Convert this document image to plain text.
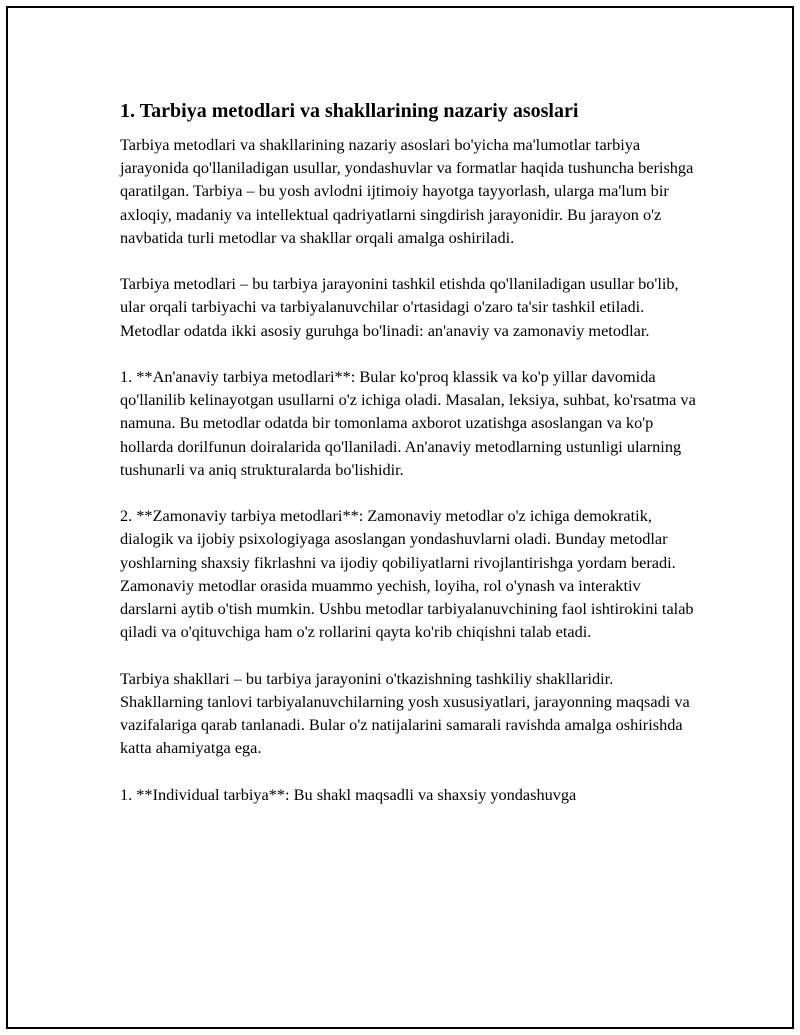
1. Tarbiya metodlari va shakllarining nazariy asoslari

Tarbiya metodlari va shakllarining nazariy asoslari bo'yicha ma'lumotlar tarbiya jarayonida qo'llaniladigan usullar, yondashuvlar va formatlar haqida tushuncha berishga qaratilgan. Tarbiya – bu yosh avlodni ijtimoiy hayotga tayyorlash, ularga ma'lum bir axloqiy, madaniy va intellektual qadriyatlarni singdirish jarayonidir. Bu jarayon o'z navbatida turli metodlar va shakllar orqali amalga oshiriladi.

Tarbiya metodlari – bu tarbiya jarayonini tashkil etishda qo'llaniladigan usullar bo'lib, ular orqali tarbiyachi va tarbiyalanuvchilar o'rtasidagi o'zaro ta'sir tashkil etiladi. Metodlar odatda ikki asosiy guruhga bo'linadi: an'anaviy va zamonaviy metodlar.

1. **An'anaviy tarbiya metodlari**: Bular ko'proq klassik va ko'p yillar davomida qo'llanilib kelinayotgan usullarni o'z ichiga oladi. Masalan, leksiya, suhbat, ko'rsatma va namuna. Bu metodlar odatda bir tomonlama axborot uzatishga asoslangan va ko'p hollarda dorilfunun doiralarida qo'llaniladi. An'anaviy metodlarning ustunligi ularning tushunarli va aniq strukturalarda bo'lishidir.

2. **Zamonaviy tarbiya metodlari**: Zamonaviy metodlar o'z ichiga demokratik, dialogik va ijobiy psixologiyaga asoslangan yondashuvlarni oladi. Bunday metodlar yoshlarning shaxsiy fikrlashni va ijodiy qobiliyatlarni rivojlantirishga yordam beradi. Zamonaviy metodlar orasida muammo yechish, loyiha, rol o'ynash va interaktiv darslarni aytib o'tish mumkin. Ushbu metodlar tarbiyalanuvchining faol ishtirokini talab qiladi va o'qituvchiga ham o'z rollarini qayta ko'rib chiqishni talab etadi.

Tarbiya shakllari – bu tarbiya jarayonini o'tkazishning tashkiliy shakllaridir. Shakllarning tanlovi tarbiyalanuvchilarning yosh xususiyatlari, jarayonning maqsadi va vazifalariga qarab tanlanadi. Bular o'z natijalarini samarali ravishda amalga oshirishda katta ahamiyatga ega.

1. **Individual tarbiya**: Bu shakl maqsadli va shaxsiy yondashuvga
